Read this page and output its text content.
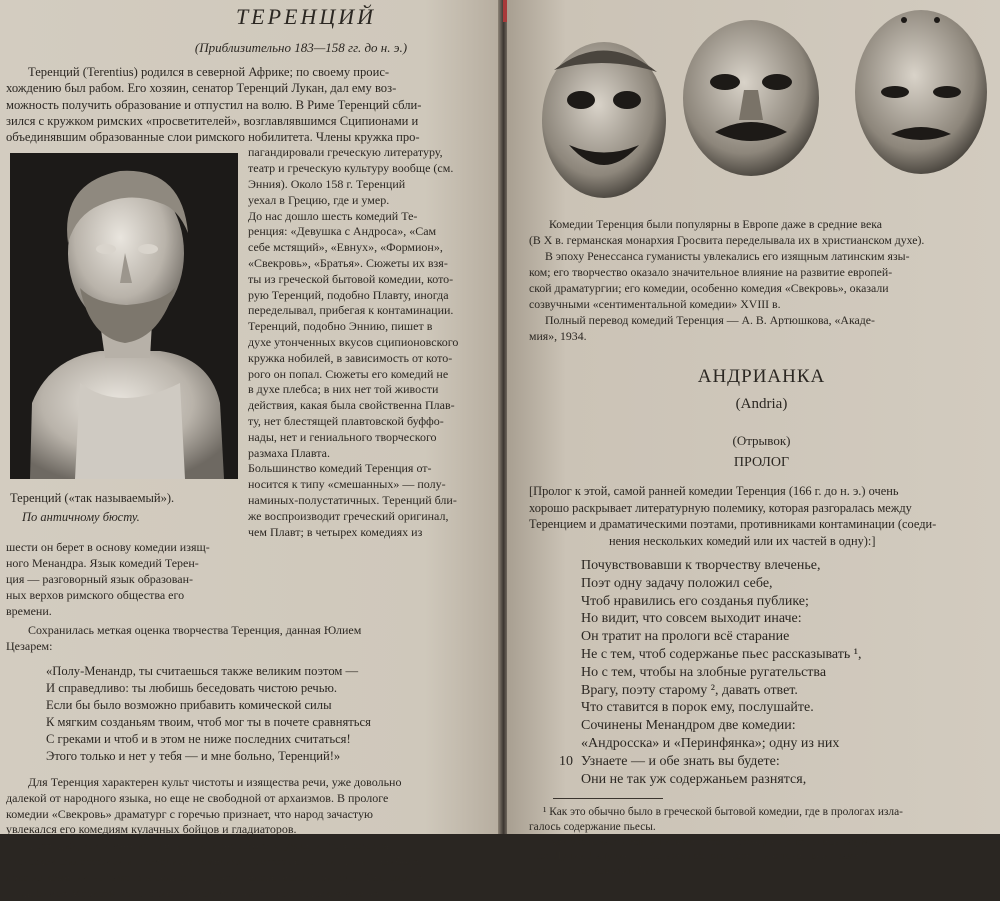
ТЕРЕНЦИЙ
(Приблизительно 183—158 гг. до н. э.)

Теренций (Terentius) родился в северной Африке; по своему проис-

хождению был рабом. Его хозяин, сенатор Теренций Лукан, дал ему воз-

можность получить образование и отпустил на волю. В Риме Теренций сбли-

зился с кружком римских «просветителей», возглавлявшимся Сципионами и

объединявшим образованные слои римского нобилитета. Члены кружка про-

Теренций («так называемый»).
По античному бюсту.
пагандировали греческую литературу,
театр и греческую культуру вообще (см.
Энния). Около 158 г. Теренций
уехал в Грецию, где и умер.
До нас дошло шесть комедий Те-
ренция: «Девушка с Андроса», «Сам
себе мстящий», «Евнух», «Формион»,
«Свекровь», «Братья». Сюжеты их взя-
ты из греческой бытовой комедии, кото-
рую Теренций, подобно Плавту, иногда
переделывал, прибегая к контаминации.
Теренций, подобно Эннию, пишет в
духе утонченных вкусов сципионовского
кружка нобилей, в зависимость от кото-
рого он попал. Сюжеты его комедий не
в духе плебса; в них нет той живости
действия, какая была свойственна Плав-
ту, нет блестящей плавтовской буффо-
нады, нет и гениального творческого
размаха Плавта.
Большинство комедий Теренция от-
носится к типу «смешанных» — полу-
наминых-полустатичных. Теренций бли-
же воспроизводит греческий оригинал,
чем Плавт; в четырех комедиях из
шести он берет в основу комедии изящ-
ного Менандра. Язык комедий Терен-
ция — разговорный язык образован-
ных верхов римского общества его
времени.
Сохранилась меткая оценка творчества Теренция, данная Юлием
Цезарем:
«Полу-Менандр, ты считаешься также великим поэтом —
И справедливо: ты любишь беседовать чистою речью.
Если бы было возможно прибавить комической силы
К мягким созданьям твоим, чтоб мог ты в почете сравняться
С греками и чтоб и в этом не ниже последних считаться!
Этого только и нет у тебя — и мне больно, Теренций!»
Для Теренция характерен культ чистоты и изящества речи, уже довольно
далекой от народного языка, но еще не свободной от архаизмов. В прологе
комедии «Свекровь» драматург с горечью признает, что народ зачастую
увлекался его комедиям кулачных бойцов и гладиаторов.
Теренций, как и многие члены сципионовского кружка, интересовался
греческой философией и проводил в комедиях некоторые ее принципы. Наиболее
ярко из комедий выражена мысль о сущности человеческой природы. Так, ему не
— любимое Марксом изречение: «Я человек, ничто человеческое мне не
Комедии Теренция были популярны в Европе даже в средние века
(В X в. германская монархия Гросвита переделывала их в христианском духе).
В эпоху Ренессанса гуманисты увлекались его изящным латинским язы-
ком; его творчество оказало значительное влияние на развитие европей-
ской драматургии; его комедии, особенно комедия «Свекровь», оказали
созвучными «сентиментальной комедии» XVIII в.
Полный перевод комедий Теренция — А. В. Артюшкова, «Акаде-
мия», 1934.
АНДРИАНКА
(Andria)
(Отрывок)
ПРОЛОГ
[Пролог к этой, самой ранней комедии Теренция (166 г. до н. э.) очень
хорошо раскрывает литературную полемику, которая разгоралась между
Теренцием и драматическими поэтами, противниками контаминации (соеди-
нения нескольких комедий или их частей в одну):]
Почувствовавши к творчеству влеченье,
Поэт одну задачу положил себе,
Чтоб нравились его созданья публике;
Но видит, что совсем выходит иначе:
Он тратит на прологи всё старание
Не с тем, чтоб содержанье пьес рассказывать ¹,
Но с тем, чтобы на злобные ругательства
Врагу, поэту старому ², давать ответ.
Что ставится в порок ему, послушайте.
Сочинены Менандром две комедии:
«Андросска» и «Перинфянка»; одну из них
10 Узнаете — и обе знать вы будете:
Они не так уж содержаньем разнятся,
¹ Как это обычно было в греческой бытовой комедии, где в прологах изла-
галось содержание пьесы.
² Как указывает древний комментатор Теренция Донат, здесь разумеется
поэт Луций Ланувин, глава враждебного Теренцию течения в драма-
тургии; (его) комедии были...
